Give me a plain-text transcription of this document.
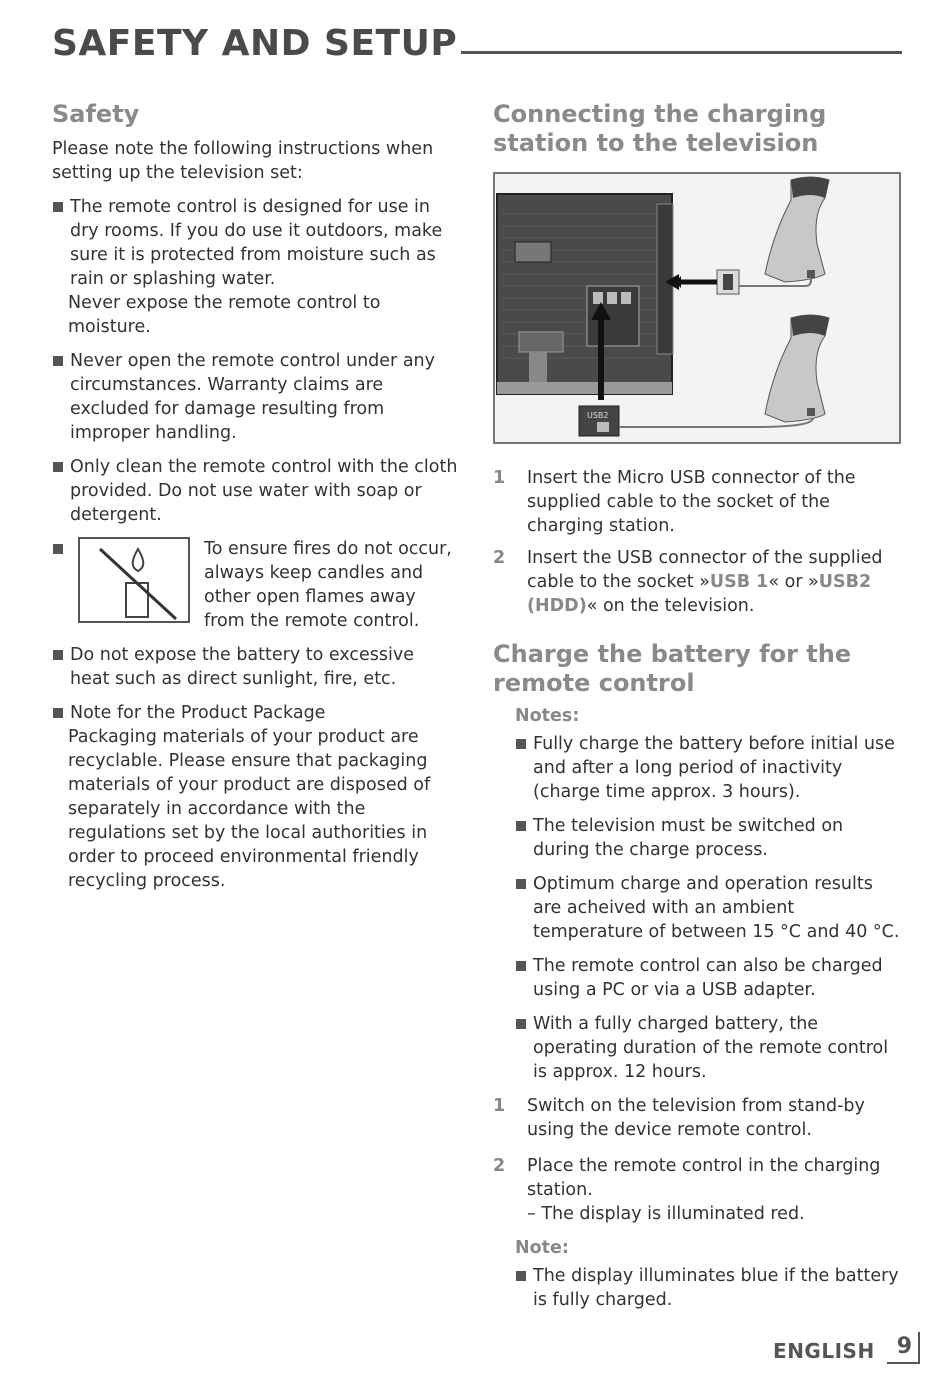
SAFETY AND SETUP
Safety

Please note the following instructions when setting up the television set:

The remote control is designed for use in dry rooms. If you do use it outdoors, make sure it is protected from moisture such as rain or splashing water.

Never expose the remote control to moisture.

Never open the remote control under any circumstances. Warranty claims are excluded for damage resulting from improper handling.

Only clean the remote control with the cloth provided. Do not use water with soap or detergent.

To ensure fires do not occur, always keep candles and other open flames away from the remote control.

Do not expose the battery to excessive heat such as direct sunlight, fire, etc.

Note for the Product Package

Packaging materials of your product are recyclable. Please ensure that packaging materials of your product are disposed of separately in accordance with the regulations set by the local authorities in order to proceed environmental friendly recycling process.

Connecting the charging station to the television
USB2
1 Insert the Micro USB connector of the supplied cable to the socket of the charging station.

2 Insert the USB connector of the supplied cable to the socket »USB 1« or »USB2 (HDD)« on the television.

Charge the battery for the remote control

Notes:

Fully charge the battery before initial use and after a long period of inactivity (charge time approx. 3 hours).

The television must be switched on during the charge process.

Optimum charge and operation results are acheived with an ambient temperature of between 15 °C and 40 °C.

The remote control can also be charged using a PC or via a USB adapter.

With a fully charged battery, the operating duration of the remote control is approx. 12 hours.

1 Switch on the television from stand-by using the device remote control.

2 Place the remote control in the charging station.

– The display is illuminated red.

Note:

The display illuminates blue if the battery is fully charged.

ENGLISH	9
